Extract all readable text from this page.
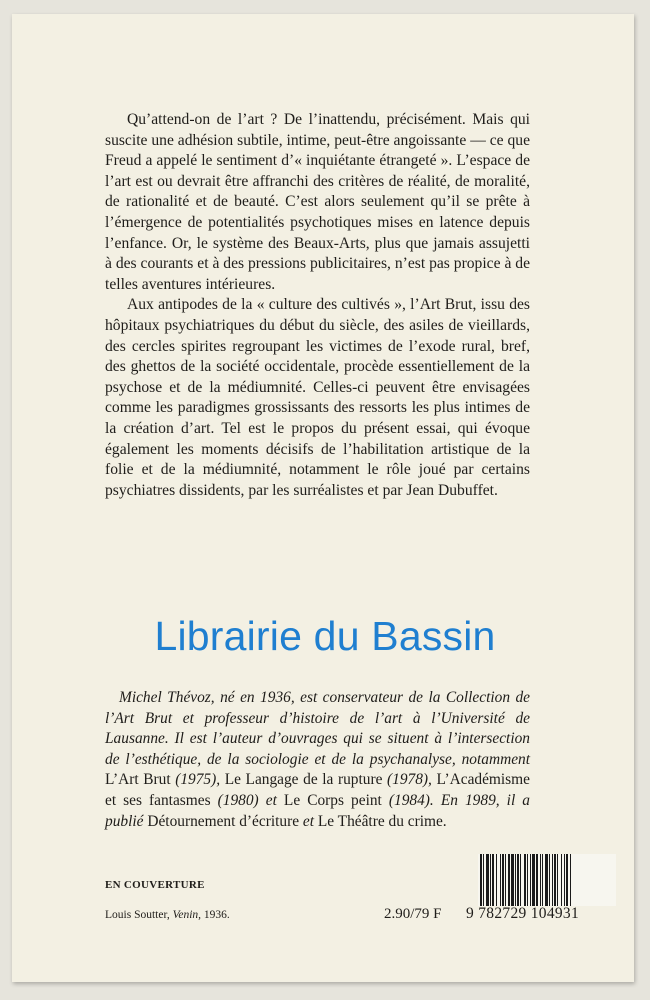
Qu’attend-on de l’art ? De l’inattendu, précisément. Mais qui suscite une adhésion subtile, intime, peut-être angoissante — ce que Freud a appelé le sentiment d’« inquiétante étrangeté ». L’espace de l’art est ou devrait être affranchi des critères de réalité, de moralité, de rationalité et de beauté. C’est alors seulement qu’il se prête à l’émergence de potentialités psychotiques mises en latence depuis l’enfance. Or, le système des Beaux-Arts, plus que jamais assujetti à des courants et à des pressions publicitaires, n’est pas propice à de telles aventures intérieures.

Aux antipodes de la « culture des cultivés », l’Art Brut, issu des hôpitaux psychiatriques du début du siècle, des asiles de vieillards, des cercles spirites regroupant les victimes de l’exode rural, bref, des ghettos de la société occidentale, procède essentiellement de la psychose et de la médiumnité. Celles-ci peuvent être envisagées comme les paradigmes grossissants des ressorts les plus intimes de la création d’art. Tel est le propos du présent essai, qui évoque également les moments décisifs de l’habilitation artistique de la folie et de la médiumnité, notamment le rôle joué par certains psychiatres dissidents, par les surréalistes et par Jean Dubuffet.

Librairie du Bassin
Michel Thévoz, né en 1936, est conservateur de la Collection de l’Art Brut et professeur d’histoire de l’art à l’Université de Lausanne. Il est l’auteur d’ouvrages qui se situent à l’intersection de l’esthétique, de la sociologie et de la psychanalyse, notamment L’Art Brut (1975), Le Langage de la rupture (1978), L’Académisme et ses fantasmes (1980) et Le Corps peint (1984). En 1989, il a publié Détournement d’écriture et Le Théâtre du crime.
EN COUVERTURE
Louis Soutter, Venin, 1936.	2.90/79 F 9 782729 104931
